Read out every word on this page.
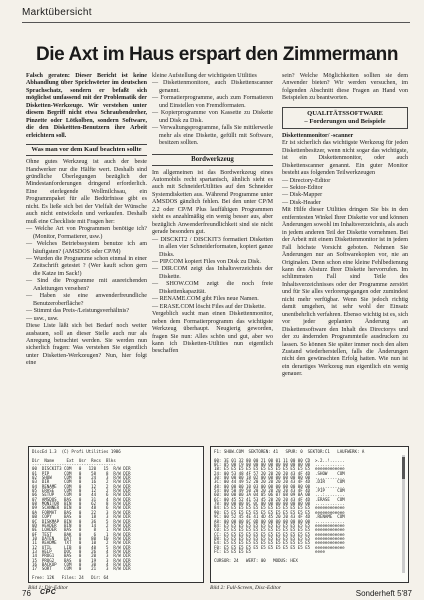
Marktübersicht
Die Axt im Haus erspart den Zimmermann

Falsch geraten: Dieser Bericht ist keine Abhandlung über Sprichwörter im deutschen Sprachschatz, sondern er befaßt sich möglichst umfassend mit der Problematik der Disketten-Werkzeuge. Wir verstehen unter diesem Begriff nicht etwa Schraubendreher, Pinzette oder Lötkolben, sondern Software, die den Diskettten-Benutzern ihre Arbeit erleichtern soll.

Was man vor dem Kauf beachten sollte

Ohne gutes Werkzeug ist auch der beste Handwerker nur die Hälfte wert. Deshalb sind gründliche Überlegungen bezüglich der Mindestanforderungen dringend erforderlich. Eine eierlegende Wollmilchsau, ein Programmpaket für alle Bedürfnisse gibt es nicht. Es ließe sich bei der Vielfalt der Wünsche auch nicht entwickeln und verkaufen. Deshalb muß eine Checkliste mit Fragen her:

— Welche Art von Programmen benötige ich? (Monitor, Formatierer, usw.)
— Welches Betriebssystem benutze ich am häufigsten? (AMSDOS oder CP/M)
— Wurden die Programme schon einmal in einer Zeitschrift getestet ? (Wer kauft schon gern die Katze im Sack!)
— Sind die Programme mit ausreichenden Anleitungen versehen?
— Haben sie eine anwenderfreundliche Benutzeroberfläche?
— Stimmt das Preis-/Leistungsverhältnis?
— usw., usw.

Diese Liste läßt sich bei Bedarf noch weiter ausbauen, soll an dieser Stelle auch nur als Anregung betrachtet werden. Sie werden nun sicherlich fragen: Was verstehen Sie eigentlich unter Disketten-Werkzeugen? Nun, hier folgt eine

kleine Aufstellung der wichtigsten Utilities

— Diskettenmonitore, auch Diskettenscanner genannt.
— Formatierprogramme, auch zum Formatieren und Einstellen von Fremdformaten.
— Kopierprogramme von Kassette zu Diskette und Disk zu Disk.
— Verwaltungsprogramme, falls Sie mittlerweile mehr als eine Diskette, gefüllt mit Software, besitzen sollten.
Bordwerkzeug

Im allgemeinen ist das Bordwerkzeug eines Automobils recht spartanisch, ähnlich sieht es auch mit SchneiderUtilities auf den Schneider Systemdisketten aus. Während Programme unter AMSDOS gänzlich fehlen. Bei den unter CP/M 2.2 oder CP/M Plus lauffähigen Programmen sieht es anzahlmäßig ein wenig besser aus, aber bezüglich Anwenderfreundlichkeit sind sie nicht gerade besonders gut.

— DISCKIT2 / DISCKIT3 formatiert Disketten in allen vier Schneiderformaten, kopiert ganze Disks.
— PIP.COM kopiert Files von Disk zu Disk.
— DIR.COM zeigt das Inhaltsverzeichnis der Diskette.
— SHOW.COM zeigt die noch freie Diskettenkapazität.
— RENAME.COM gibt Files neue Namen.
— ERASE.COM löscht Files auf der Diskette.

Vergeblich sucht man einen Diskettenmonitor, neben dem Formatierprogramm das wichtigste Werkzeug überhaupt. Neugierig geworden, fragen Sie nun: Alles schön und gut, aber wo kann ich Disketten-Utilities nun eigentlich beschaffen

sein? Welche Möglichkeiten sollten sie dem Anwender bieten? Wir werden versuchen, im folgenden Abschnitt diese Fragen an Hand von Beispielen zu beantworten.

QUALITÄTSSOFTWARE
– Forderungen und Beispiele

Diskettenmonitor/ -scanner

Er ist sicherlich das wichtigste Werkzeug für jeden Diskettenbesitzer, wenn nicht sogar das wichtigste, ist ein Diskettenmonitor, oder auch Diskettenscanner genannt. Ein guter Monitor besteht aus folgenden Teilwerkzeugen

— Directory-Editor
— Sektor-Editor
— Disk-Mapper
— Disk-Header

Mit Hilfe dieser Utilities dringen Sie bis in den entferntesten Winkel Ihrer Diskette vor und können Änderungen sowohl im Inhaltsverzeichnis, als auch in jedem anderen Teil der Diskette vornehmen. Bei der Arbeit mit einem Diskettenmonitor ist in jedem Fall höchste Vorsicht geboten. Nehmen Sie Änderungen nur an Softwarekopien vor, nie an Originalen. Denn schon eine kleine Fehlbedienung kann den Absturz Ihrer Diskette hervorrufen. Im schlimmsten Fall sind Teile des Inhaltsverzeichnisses oder der Programme zerstört und für Sie alles verlorengegangen oder zumindest nicht mehr verfügbar. Wenn Sie jedoch richtig damit umgehen, ist sehr wohl der Einsatz unentbehrlich verfahren. Ebenso wichtig ist es, sich vor jeder geplanten Änderung an Diskettensoftware den Inhalt des Directorys und der zu ändernden Programmteile ausdrucken zu lassen. So können Sie später immer noch den alten Zustand wiederherstellen, falls die Änderungen nicht den gewünschten Erfolg hatten. Wie nun ist ein derartiges Werkzeug nun eigentlich ein wenig genauer.

DiscEd 1.3  (C) Profi Utilities 1986

Dir  Name     Ext  Usr  Recs  Blks
----------------------------------
00  DISCKIT3 COM   0   120   15  R/W DIR
01  PIP      COM   0    58    8  R/W DIR
02  SHOW     COM   0    24    3  R/W DIR
03  DIR      COM   0    16    2  R/W DIR
04  RENAME   COM   0    12    2  R/W DIR
05  ERASE    COM   0    12    2  R/W DIR
06  SETUP    COM   0    44    6  R/W DIR
07  AMSDOS   BAS   0    31    4  R/W DIR
08  MONITOR  BIN   0    62    8  R/W DIR
09  SCANNER  BIN   0    48    6  R/W DIR
0A  FORMAT   BAS   0    22    3  R/W DIR
0B  COPY     BAS   0    18    3  R/W DIR
0C  DISKMAP  BIN   0    36    5  R/W DIR
0D  HEADER   BIN   0    14    2  R/W DIR
0E  LOADER   BAS   0     8    1  R/W DIR
0F  TEST     BAK   0     6    1  R/W DIR
10  DATEN    DAT   0    80   10  R/W DIR
11  README   TXT   0    10    2  R/W DIR
12  UTIL     LIB   0    40    5  R/W DIR
13  HELP     DOC   0    26    4  R/W DIR
14  PROG1    BAS   0    20    3  R/W DIR
15  PROG2    BAS   0    19    3  R/W DIR
16  BACKUP   COM   0    30    4  R/W DIR
17  SORT     COM   0    21    3  R/W DIR

Free: 12K   Files: 24   Dir: 64
F1: SHOW.COM  SEKTOREN: 41   SPUR: 0  SEKTOR:C1   LAUFWERK: A

00: 3E 01 32 80 00 21 00 01 11 00 00 CD  >.2..!......
0C: 05 00 C9 00 00 00 00 00 00 00 00 00  ............
18: E5 E5 E5 E5 E5 E5 E5 E5 E5 E5 E5 E5  eeeeeeeeeeee
24: 00 53 48 4F 57 20 20 20 20 43 4F 4D  .SHOW    COM
30: 00 00 00 18 02 00 00 00 00 00 00 00  ............
3C: 00 44 49 52 20 20 20 20 20 43 4F 4D  .DIR     COM
48: 00 00 00 10 03 00 00 00 00 00 00 00  ............
54: 00 50 49 50 20 20 20 20 20 43 4F 4D  .PIP     COM
60: 00 00 00 3A 04 05 06 07 08 09 0A 0B  ...:........
6C: 00 45 52 41 53 45 20 20 20 43 4F 4D  .ERASE   COM
78: 00 00 00 0C 0C 00 00 00 00 00 00 00  ............
84: E5 E5 E5 E5 E5 E5 E5 E5 E5 E5 E5 E5  eeeeeeeeeeee
90: E5 E5 E5 E5 E5 E5 E5 E5 E5 E5 E5 E5  eeeeeeeeeeee
9C: 00 52 45 4E 41 4D 45 20 20 43 4F 4D  .RENAME  COM
A8: 00 00 00 0C 0D 00 00 00 00 00 00 00  ............
B4: E5 E5 E5 E5 E5 E5 E5 E5 E5 E5 E5 E5  eeeeeeeeeeee
C0: E5 E5 E5 E5 E5 E5 E5 E5 E5 E5 E5 E5  eeeeeeeeeeee
CC: E5 E5 E5 E5 E5 E5 E5 E5 E5 E5 E5 E5  eeeeeeeeeeee
D8: E5 E5 E5 E5 E5 E5 E5 E5 E5 E5 E5 E5  eeeeeeeeeeee
E4: E5 E5 E5 E5 E5 E5 E5 E5 E5 E5 E5 E5  eeeeeeeeeeee
F0: E5 E5 E5 E5 E5 E5 E5 E5 E5 E5 E5 E5  eeeeeeeeeeee
FC: E5 E5 E5 E5                          eeee

CURSOR: 24   WERT: 00   MODUS: HEX
Bild 1: Dir-Editor	Bild 2: Full-Screen, Disc-Editor
76 CPC	Sonderheft 5'87
